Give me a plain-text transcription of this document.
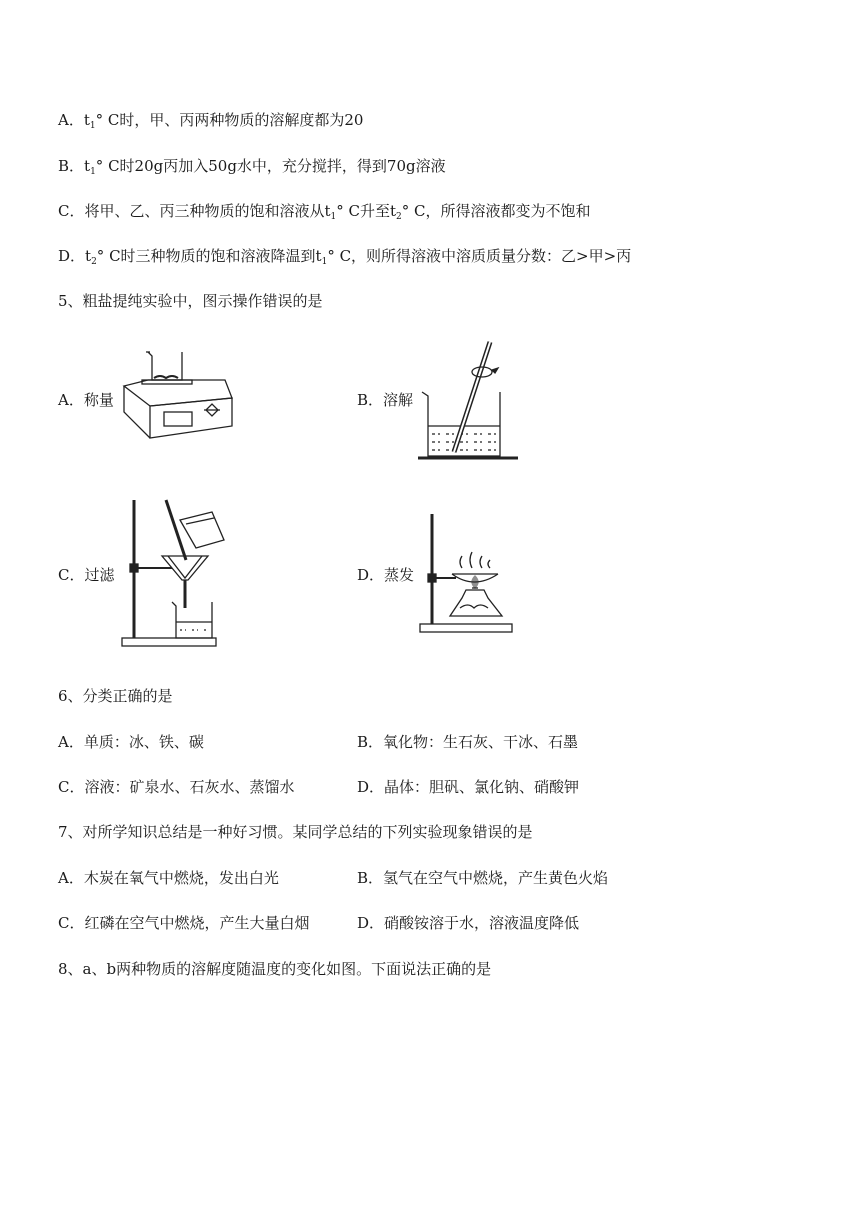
A．$t_1^\circ$ C时，甲、丙两种物质的溶解度都为20
B．$t_1^\circ$ C时20g丙加入50g水中，充分搅拌，得到70g溶液
C．将甲、乙、丙三种物质的饱和溶液从$t_1^\circ$ C升至$t_2^\circ$ C，所得溶液都变为不饱和
D．$t_2^\circ$ C时三种物质的饱和溶液降温到$t_1^\circ$ C，则所得溶液中溶质质量分数：乙>甲>丙
5、粗盐提纯实验中，图示操作错误的是
A．称量	B．溶解
C．过滤	D．蒸发
6、分类正确的是
A．单质：冰、铁、碳	B．氧化物：生石灰、干冰、石墨
C．溶液：矿泉水、石灰水、蒸馏水	D．晶体：胆矾、氯化钠、硝酸钾
7、对所学知识总结是一种好习惯。某同学总结的下列实验现象错误的是
A．木炭在氧气中燃烧，发出白光	B．氢气在空气中燃烧，产生黄色火焰
C．红磷在空气中燃烧，产生大量白烟	D．硝酸铵溶于水，溶液温度降低
8、a、b两种物质的溶解度随温度的变化如图。下面说法正确的是
